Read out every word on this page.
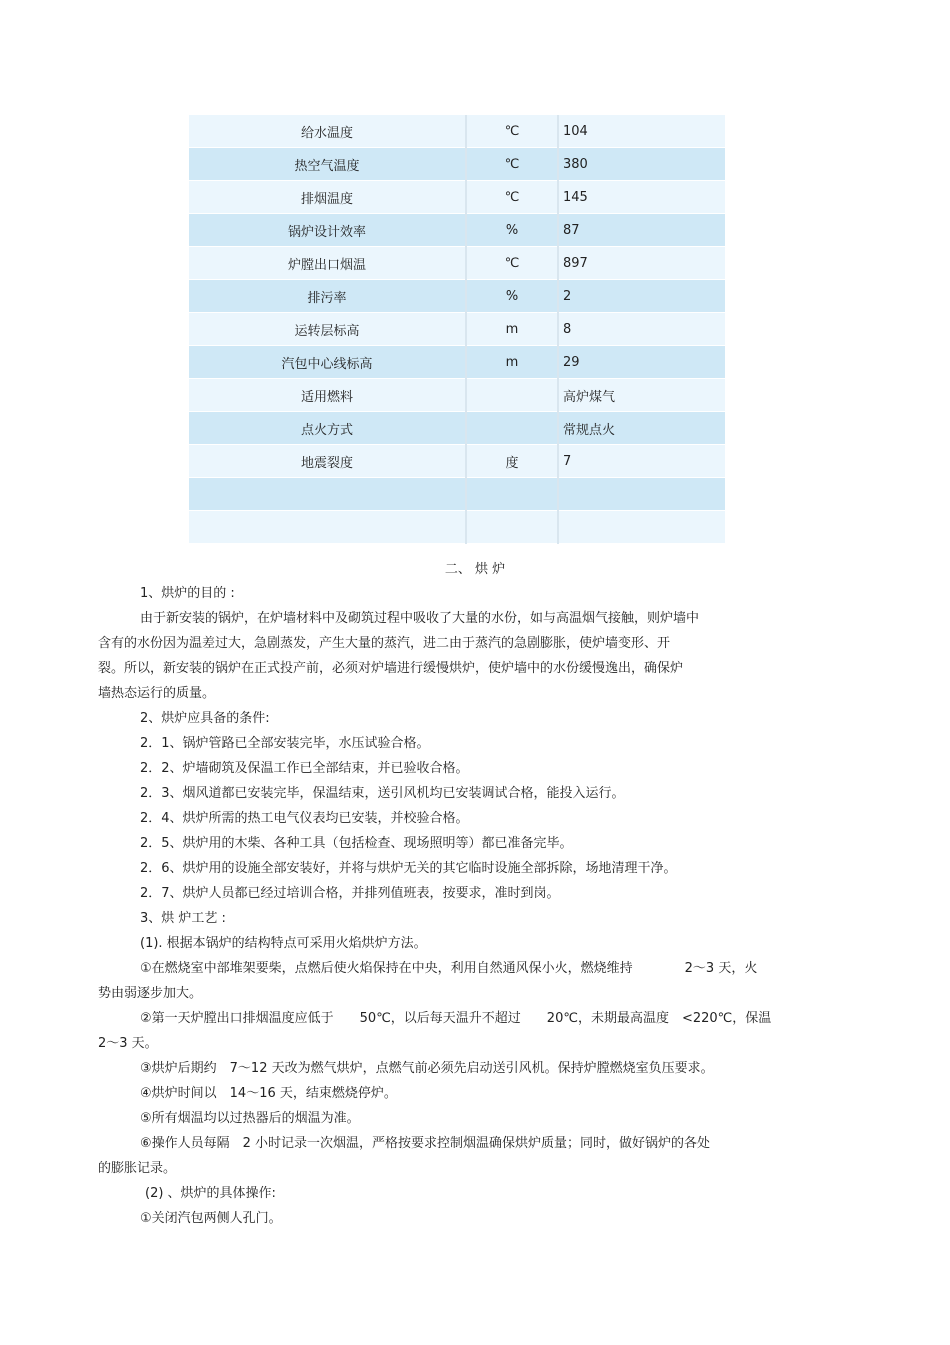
给水温度	℃	104
热空气温度	℃	380
排烟温度	℃	145
锅炉设计效率	%	87
炉膛出口烟温	℃	897
排污率	%	2
运转层标高	m	8
汽包中心线标高	m	29
适用燃料		高炉煤气
点火方式		常规点火
地震裂度	度	7

二、 烘 炉
1、烘炉的目的 :
由于新安装的锅炉，在炉墙材料中及砌筑过程中吸收了大量的水份，如与高温烟气接触，则炉墙中
含有的水份因为温差过大，急剧蒸发，产生大量的蒸汽，进二由于蒸汽的急剧膨胀，使炉墙变形、开
裂。所以，新安装的锅炉在正式投产前，必须对炉墙进行缓慢烘炉，使炉墙中的水份缓慢逸出，确保炉
墙热态运行的质量。
2、烘炉应具备的条件:
2．1、锅炉管路已全部安装完毕，水压试验合格。
2．2、炉墙砌筑及保温工作已全部结束，并已验收合格。
2．3、烟风道都已安装完毕，保温结束，送引风机均已安装调试合格，能投入运行。
2．4、烘炉所需的热工电气仪表均已安装，并校验合格。
2．5、烘炉用的木柴、各种工具（包括检查、现场照明等）都已准备完毕。
2．6、烘炉用的设施全部安装好，并将与烘炉无关的其它临时设施全部拆除，场地清理干净。
2．7、烘炉人员都已经过培训合格，并排列值班表，按要求，准时到岗。
3、烘 炉工艺 :
(1). 根据本锅炉的结构特点可采用火焰烘炉方法。
①在燃烧室中部堆架要柴，点燃后使火焰保持在中央，利用自然通风保小火，燃烧维持　　　　2～3 天，火
势由弱逐步加大。
②第一天炉膛出口排烟温度应低于　　50℃，以后每天温升不超过　　20℃，未期最高温度　<220℃，保温
2～3 天。
③烘炉后期约　7～12 天改为燃气烘炉，点燃气前必须先启动送引风机。保持炉膛燃烧室负压要求。
④烘炉时间以　14～16 天，结束燃烧停炉。
⑤所有烟温均以过热器后的烟温为准。
⑥操作人员每隔　2 小时记录一次烟温，严格按要求控制烟温确保烘炉质量；同时，做好锅炉的各处
的膨胀记录。
(2) 、烘炉的具体操作:
①关闭汽包两侧人孔门。
